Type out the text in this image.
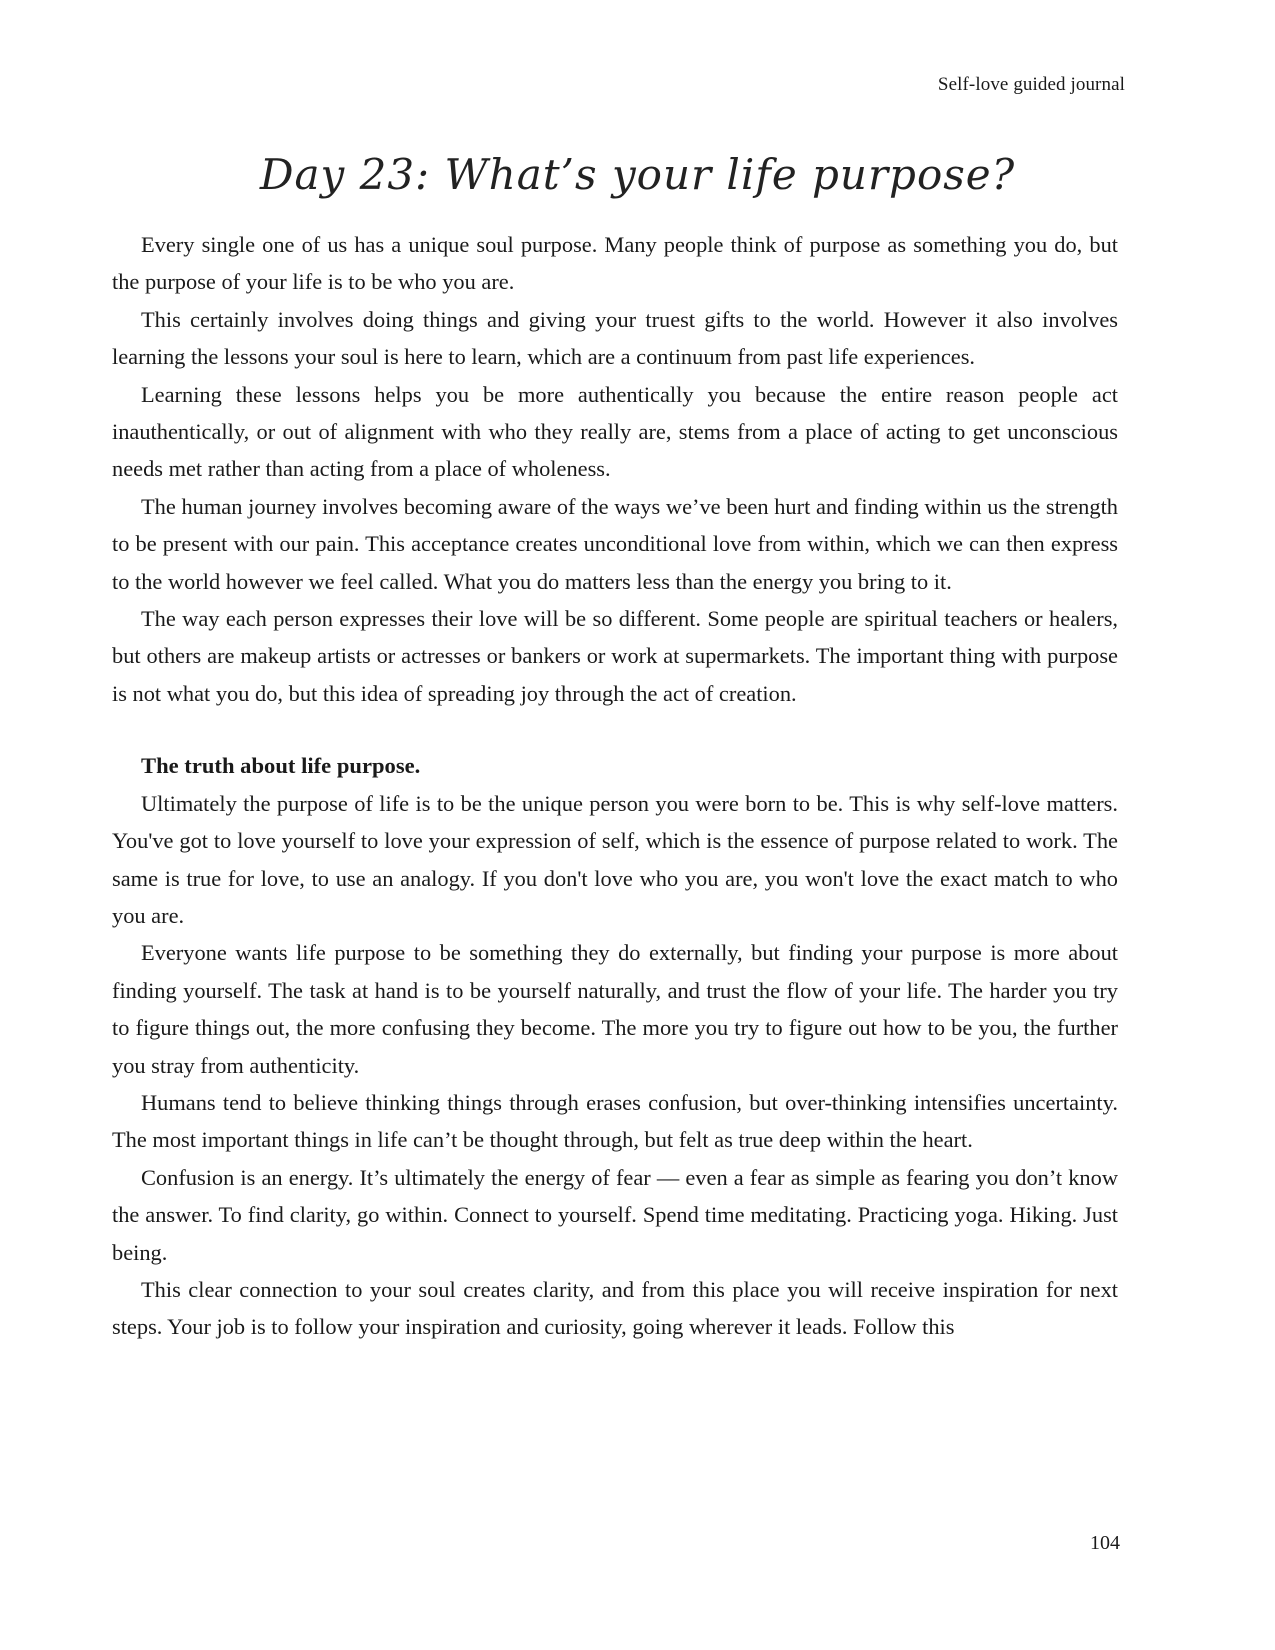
Self-love guided journal
Day 23: What’s your life purpose?

Every single one of us has a unique soul purpose. Many people think of purpose as something you do, but the purpose of your life is to be who you are.

This certainly involves doing things and giving your truest gifts to the world. However it also involves learning the lessons your soul is here to learn, which are a continuum from past life experiences.

Learning these lessons helps you be more authentically you because the entire reason people act inauthentically, or out of alignment with who they really are, stems from a place of acting to get unconscious needs met rather than acting from a place of wholeness.

The human journey involves becoming aware of the ways we’ve been hurt and finding within us the strength to be present with our pain. This acceptance creates unconditional love from within, which we can then express to the world however we feel called. What you do matters less than the energy you bring to it.

The way each person expresses their love will be so different. Some people are spiritual teachers or healers, but others are makeup artists or actresses or bankers or work at supermarkets. The important thing with purpose is not what you do, but this idea of spreading joy through the act of creation.

The truth about life purpose.

Ultimately the purpose of life is to be the unique person you were born to be. This is why self-love matters. You've got to love yourself to love your expression of self, which is the essence of purpose related to work. The same is true for love, to use an analogy. If you don't love who you are, you won't love the exact match to who you are.

Everyone wants life purpose to be something they do externally, but finding your purpose is more about finding yourself. The task at hand is to be yourself naturally, and trust the flow of your life. The harder you try to figure things out, the more confusing they become. The more you try to figure out how to be you, the further you stray from authenticity.

Humans tend to believe thinking things through erases confusion, but over-thinking intensifies uncertainty. The most important things in life can’t be thought through, but felt as true deep within the heart.

Confusion is an energy. It’s ultimately the energy of fear — even a fear as simple as fearing you don’t know the answer. To find clarity, go within. Connect to yourself. Spend time meditating. Practicing yoga. Hiking. Just being.

This clear connection to your soul creates clarity, and from this place you will receive inspiration for next steps. Your job is to follow your inspiration and curiosity, going wherever it leads. Follow this

104
